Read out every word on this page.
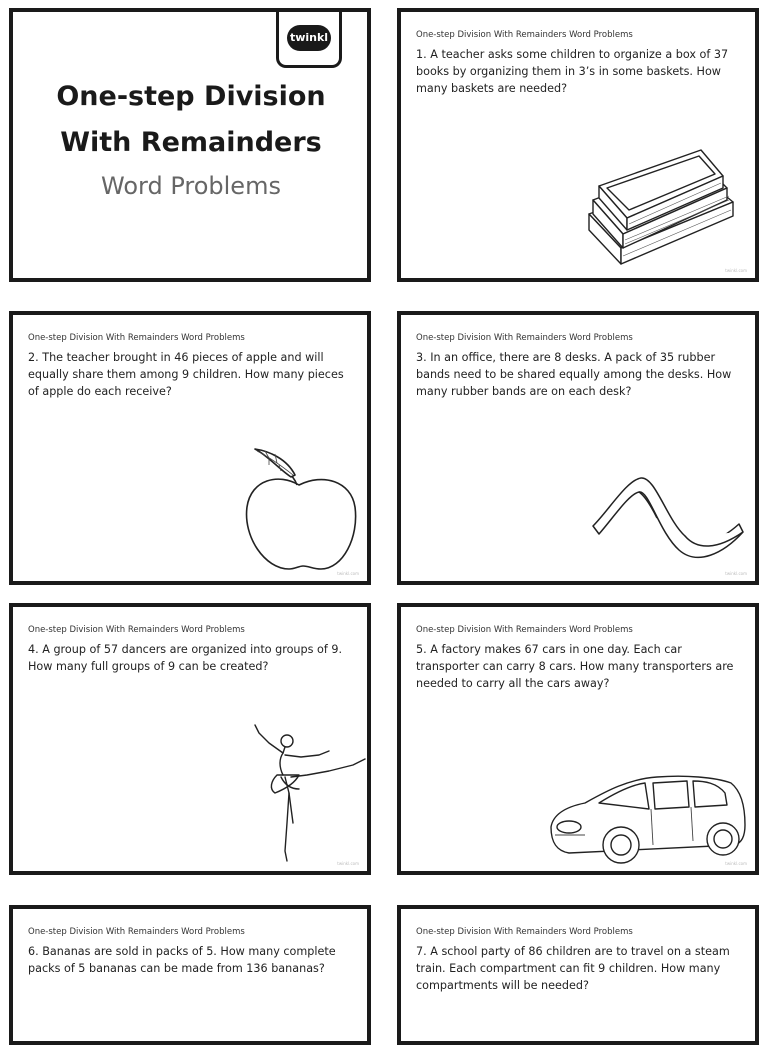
twinkl
One-step Division
With Remainders
Word Problems
One-step Division With Remainders Word Problems
1. A teacher asks some children to organize a box of 37 books by organizing them in 3’s in some baskets. How many baskets are needed?
twinkl.com
One-step Division With Remainders Word Problems
2. The teacher brought in 46 pieces of apple and will equally share them among 9 children. How many pieces of apple do each receive?
twinkl.com
One-step Division With Remainders Word Problems
3. In an office, there are 8 desks. A pack of 35 rubber bands need to be shared equally among the desks. How many rubber bands are on each desk?
twinkl.com
One-step Division With Remainders Word Problems
4. A group of 57 dancers are organized into groups of 9. How many full groups of 9 can be created?
twinkl.com
One-step Division With Remainders Word Problems
5. A factory makes 67 cars in one day. Each car transporter can carry 8 cars. How many transporters are needed to carry all the cars away?
twinkl.com
One-step Division With Remainders Word Problems
6. Bananas are sold in packs of 5. How many complete packs of 5 bananas can be made from 136 bananas?
One-step Division With Remainders Word Problems
7. A school party of 86 children are to travel on a steam train. Each compartment can fit 9 children. How many compartments will be needed?
